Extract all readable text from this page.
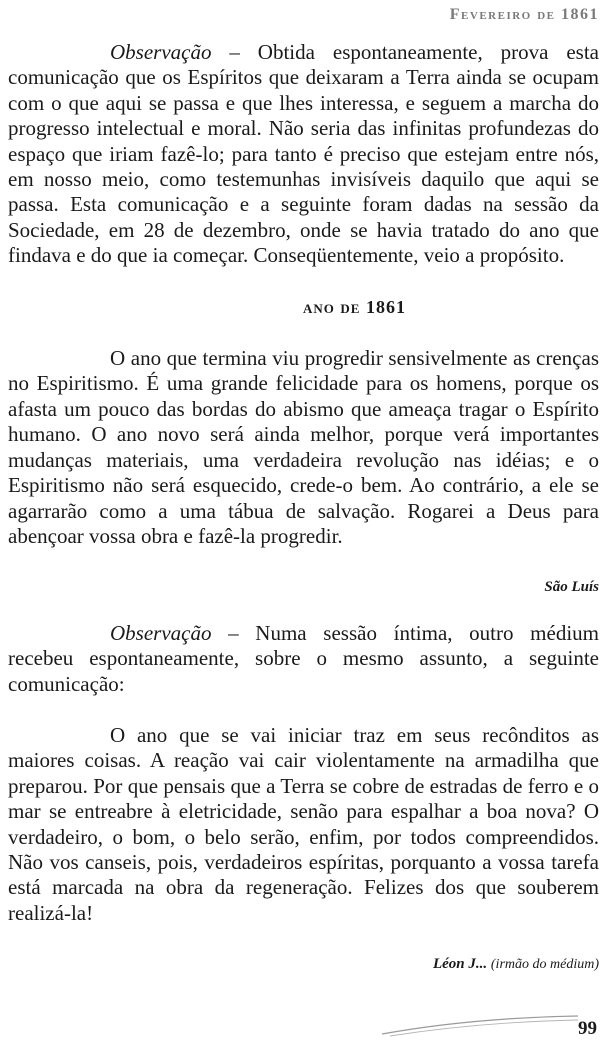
Fevereiro de 1861

Observação – Obtida espontaneamente, prova esta comunicação que os Espíritos que deixaram a Terra ainda se ocupam com o que aqui se passa e que lhes interessa, e seguem a marcha do progresso intelectual e moral. Não seria das infinitas profundezas do espaço que iriam fazê-lo; para tanto é preciso que estejam entre nós, em nosso meio, como testemunhas invisíveis daquilo que aqui se passa. Esta comunicação e a seguinte foram dadas na sessão da Sociedade, em 28 de dezembro, onde se havia tratado do ano que findava e do que ia começar. Conseqüentemente, veio a propósito.

ano de 1861

O ano que termina viu progredir sensivelmente as crenças no Espiritismo. É uma grande felicidade para os homens, porque os afasta um pouco das bordas do abismo que ameaça tragar o Espírito humano. O ano novo será ainda melhor, porque verá importantes mudanças materiais, uma verdadeira revolução nas idéias; e o Espiritismo não será esquecido, crede-o bem. Ao contrário, a ele se agarrarão como a uma tábua de salvação. Rogarei a Deus para abençoar vossa obra e fazê-la progredir.

São Luís

Observação – Numa sessão íntima, outro médium recebeu espontaneamente, sobre o mesmo assunto, a seguinte comunicação:

O ano que se vai iniciar traz em seus recônditos as maiores coisas. A reação vai cair violentamente na armadilha que preparou. Por que pensais que a Terra se cobre de estradas de ferro e o mar se entreabre à eletricidade, senão para espalhar a boa nova? O verdadeiro, o bom, o belo serão, enfim, por todos compreendidos. Não vos canseis, pois, verdadeiros espíritas, porquanto a vossa tarefa está marcada na obra da regeneração. Felizes dos que souberem realizá-la!

Léon J... (irmão do médium)

99
